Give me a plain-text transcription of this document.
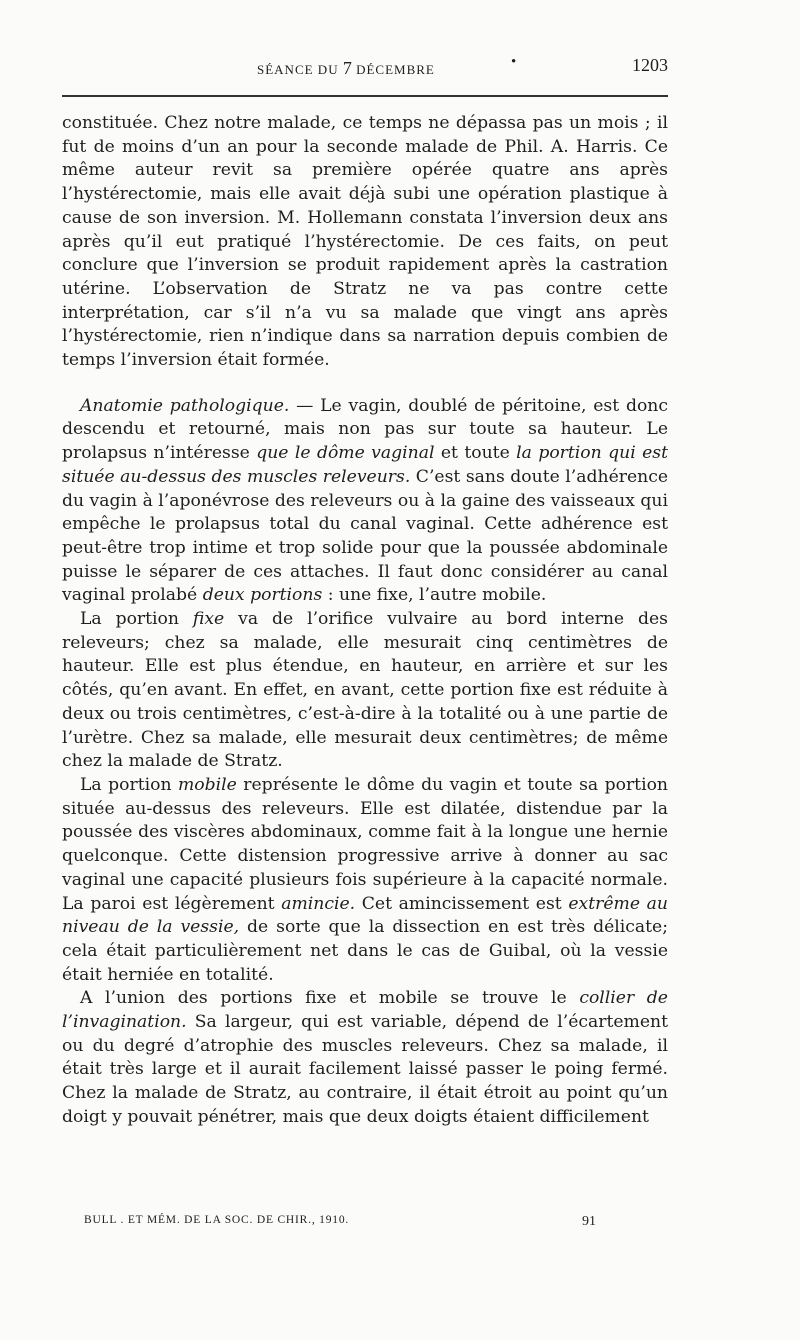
SÉANCE DU 7 DÉCEMBRE	•	1203

constituée. Chez notre malade, ce temps ne dépassa pas un mois ; il fut de moins d’un an pour la seconde malade de Phil. A. Harris. Ce même auteur revit sa première opérée quatre ans après l’hystérectomie, mais elle avait déjà subi une opération plastique à cause de son inversion. M. Hollemann constata l’inversion deux ans après qu’il eut pratiqué l’hystérectomie. De ces faits, on peut conclure que l’inversion se produit rapidement après la castration utérine. L’observation de Stratz ne va pas contre cette interprétation, car s’il n’a vu sa malade que vingt ans après l’hystérectomie, rien n’indique dans sa narration depuis combien de temps l’inversion était formée.

Anatomie pathologique. — Le vagin, doublé de péritoine, est donc descendu et retourné, mais non pas sur toute sa hauteur. Le prolapsus n’intéresse que le dôme vaginal et toute la portion qui est située au-dessus des muscles releveurs. C’est sans doute l’adhérence du vagin à l’aponévrose des releveurs ou à la gaine des vaisseaux qui empêche le prolapsus total du canal vaginal. Cette adhérence est peut-être trop intime et trop solide pour que la poussée abdominale puisse le séparer de ces attaches. Il faut donc considérer au canal vaginal prolabé deux portions : une fixe, l’autre mobile.

La portion fixe va de l’orifice vulvaire au bord interne des releveurs; chez sa malade, elle mesurait cinq centimètres de hauteur. Elle est plus étendue, en hauteur, en arrière et sur les côtés, qu’en avant. En effet, en avant, cette portion fixe est réduite à deux ou trois centimètres, c’est-à-dire à la totalité ou à une partie de l’urètre. Chez sa malade, elle mesurait deux centimètres; de même chez la malade de Stratz.

La portion mobile représente le dôme du vagin et toute sa portion située au-dessus des releveurs. Elle est dilatée, distendue par la poussée des viscères abdominaux, comme fait à la longue une hernie quelconque. Cette distension progressive arrive à donner au sac vaginal une capacité plusieurs fois supérieure à la capacité normale. La paroi est légèrement amincie. Cet amincissement est extrême au niveau de la vessie, de sorte que la dissection en est très délicate; cela était particulièrement net dans le cas de Guibal, où la vessie était herniée en totalité.

A l’union des portions fixe et mobile se trouve le collier de l’invagination. Sa largeur, qui est variable, dépend de l’écartement ou du degré d’atrophie des muscles releveurs. Chez sa malade, il était très large et il aurait facilement laissé passer le poing fermé. Chez la malade de Stratz, au contraire, il était étroit au point qu’un doigt y pouvait pénétrer, mais que deux doigts étaient difficilement

BULL . ET MÉM. DE LA SOC. DE CHIR., 1910.	91
